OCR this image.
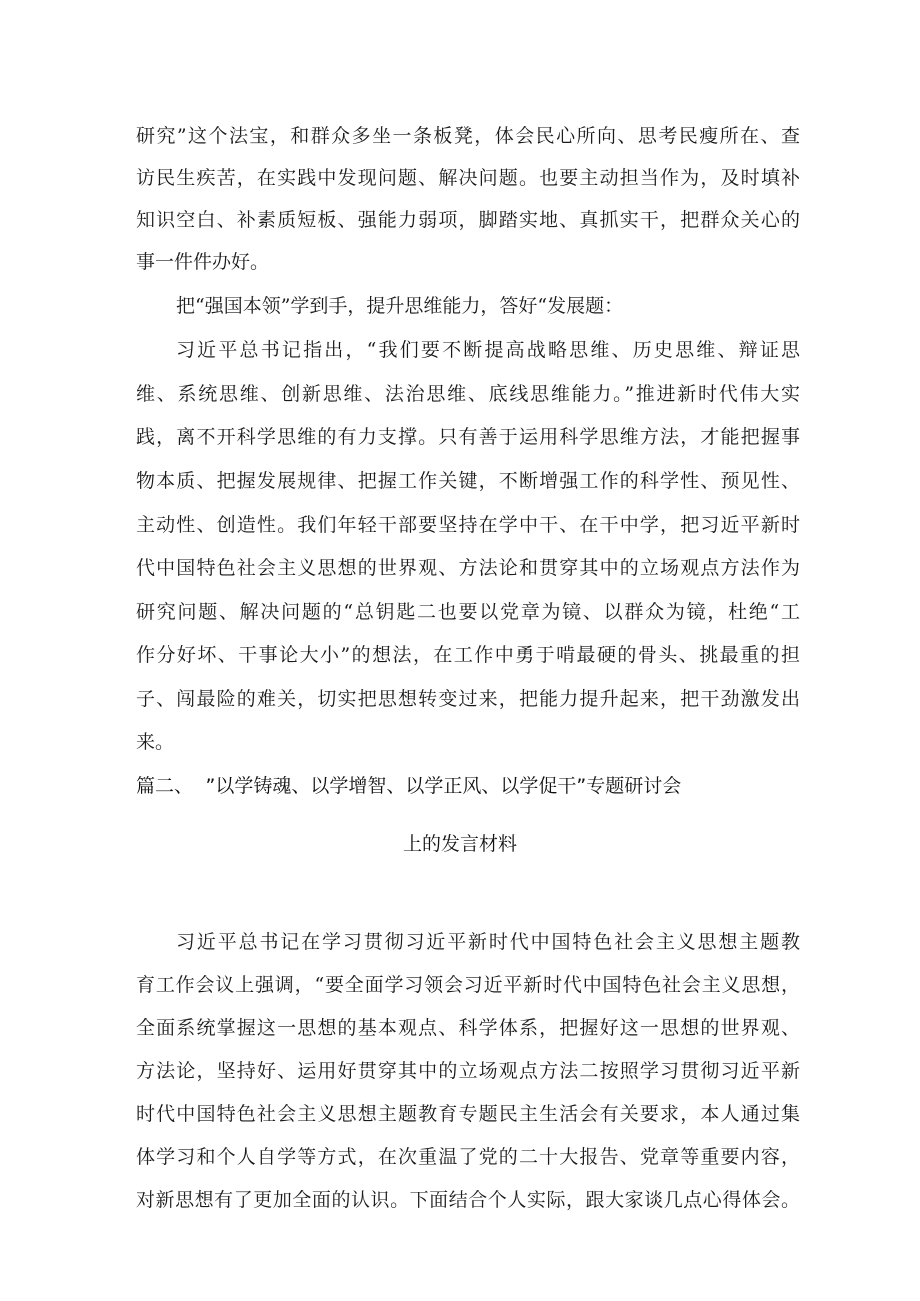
研究”这个法宝，和群众多坐一条板凳，体会民心所向、思考民瘦所在、查
访民生疾苦，在实践中发现问题、解决问题。也要主动担当作为，及时填补
知识空白、补素质短板、强能力弱项，脚踏实地、真抓实干，把群众关心的
事一件件办好。
把“强国本领”学到手，提升思维能力，答好“发展题：
习近平总书记指出，“我们要不断提高战略思维、历史思维、辩证思
维、系统思维、创新思维、法治思维、底线思维能力。”推进新时代伟大实
践，离不开科学思维的有力支撑。只有善于运用科学思维方法，才能把握事
物本质、把握发展规律、把握工作关键，不断增强工作的科学性、预见性、
主动性、创造性。我们年轻干部要坚持在学中干、在干中学，把习近平新时
代中国特色社会主义思想的世界观、方法论和贯穿其中的立场观点方法作为
研究问题、解决问题的“总钥匙二也要以党章为镜、以群众为镜，杜绝“工
作分好坏、干事论大小”的想法，在工作中勇于啃最硬的骨头、挑最重的担
子、闯最险的难关，切实把思想转变过来，把能力提升起来，把干劲激发出
来。
篇二、 ”以学铸魂、以学增智、以学正风、以学促干”专题研讨会
上的发言材料
习近平总书记在学习贯彻习近平新时代中国特色社会主义思想主题教
育工作会议上强调，“要全面学习领会习近平新时代中国特色社会主义思想，
全面系统掌握这一思想的基本观点、科学体系，把握好这一思想的世界观、
方法论，坚持好、运用好贯穿其中的立场观点方法二按照学习贯彻习近平新
时代中国特色社会主义思想主题教育专题民主生活会有关要求，本人通过集
体学习和个人自学等方式，在次重温了党的二十大报告、党章等重要内容，
对新思想有了更加全面的认识。下面结合个人实际，跟大家谈几点心得体会。
